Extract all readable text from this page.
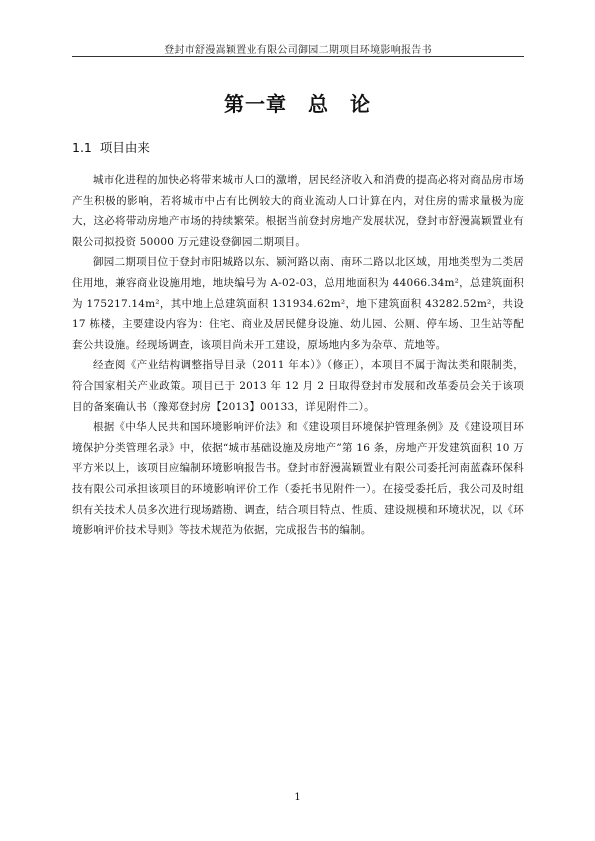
登封市舒漫嵩颖置业有限公司御园二期项目环境影响报告书
第一章　总　论
1.1 项目由来

城市化进程的加快必将带来城市人口的激增，居民经济收入和消费的提高必将对商品房市场产生积极的影响，若将城市中占有比例较大的商业流动人口计算在内，对住房的需求量极为庞大，这必将带动房地产市场的持续繁荣。根据当前登封房地产发展状况，登封市舒漫嵩颖置业有限公司拟投资 50000 万元建设登御园二期项目。

御园二期项目位于登封市阳城路以东、颍河路以南、南环二路以北区域，用地类型为二类居住用地，兼容商业设施用地，地块编号为 A-02-03，总用地面积为 44066.34m²，总建筑面积为 175217.14m²，其中地上总建筑面积 131934.62m²，地下建筑面积 43282.52m²，共设 17 栋楼，主要建设内容为：住宅、商业及居民健身设施、幼儿园、公厕、停车场、卫生站等配套公共设施。经现场调查，该项目尚未开工建设，原场地内多为杂草、荒地等。

经查阅《产业结构调整指导目录（2011 年本）》（修正），本项目不属于淘汰类和限制类，符合国家相关产业政策。项目已于 2013 年 12 月 2 日取得登封市发展和改革委员会关于该项目的备案确认书（豫郑登封房【2013】00133，详见附件二）。

根据《中华人民共和国环境影响评价法》和《建设项目环境保护管理条例》及《建设项目环境保护分类管理名录》中，依据“城市基础设施及房地产”第 16 条，房地产开发建筑面积 10 万平方米以上，该项目应编制环境影响报告书。登封市舒漫嵩颖置业有限公司委托河南蓝森环保科技有限公司承担该项目的环境影响评价工作（委托书见附件一）。在接受委托后，我公司及时组织有关技术人员多次进行现场踏勘、调查，结合项目特点、性质、建设规模和环境状况，以《环境影响评价技术导则》等技术规范为依据，完成报告书的编制。

1
